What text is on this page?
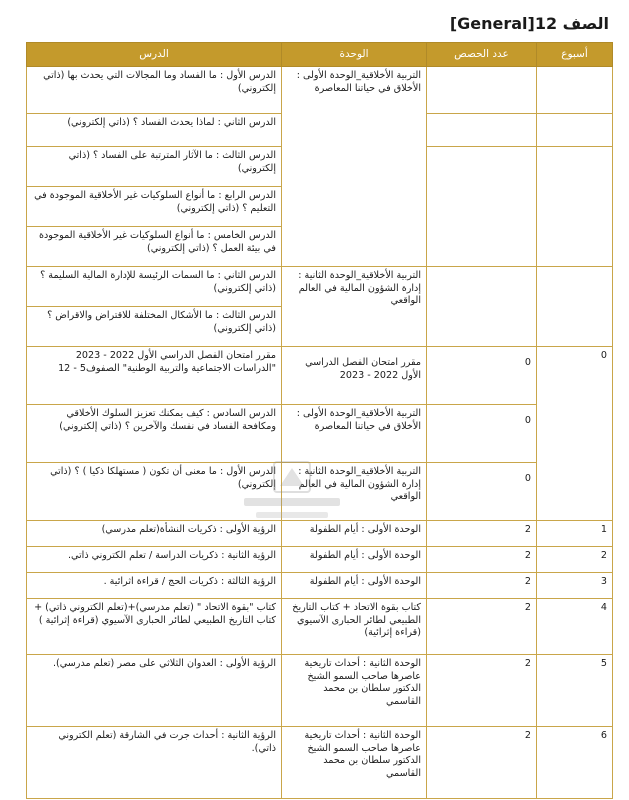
الصف 12[General]
أسبوع	عدد الحصص	الوحدة	الدرس
		التربية الأخلاقية_الوحدة الأولى : الأخلاق في حياتنا المعاصرة	الدرس الأول : ما الفساد وما المجالات التي يحدث بها (ذاتي إلكتروني)
			الدرس الثاني : لماذا يحدث الفساد ؟ (ذاتي إلكتروني)
			الدرس الثالث : ما الآثار المترتبة على الفساد ؟ (ذاتي إلكتروني)
			الدرس الرابع : ما أنواع السلوكيات غير الأخلاقية الموجودة في التعليم ؟ (ذاتي إلكتروني)
			الدرس الخامس : ما أنواع السلوكيات غير الأخلاقية الموجودة في بيئة العمل ؟ (ذاتي إلكتروني)
		التربية الأخلاقية_الوحدة الثانية : إدارة الشؤون المالية في العالم الواقعي	الدرس الثاني : ما السمات الرئيسة للإدارة المالية السليمة ؟ (ذاتي إلكتروني)
			الدرس الثالث : ما الأشكال المختلفة للاقتراض والاقراض ؟ (ذاتي إلكتروني)
0	0	مقرر امتحان الفصل الدراسي الأول 2022 - 2023	مقرر امتحان الفصل الدراسي الأول 2022 - 2023 "الدراسات الاجتماعية والتربية الوطنية" الصفوف5 - 12
	0	التربية الأخلاقية_الوحدة الأولى : الأخلاق في حياتنا المعاصرة	الدرس السادس : كيف يمكنك تعزيز السلوك الأخلاقي ومكافحة الفساد في نفسك والآخرين ؟ (ذاتي إلكتروني)
	0	التربية الأخلاقية_الوحدة الثانية : إدارة الشؤون المالية في العالم الواقعي	الدرس الأول : ما معنى أن تكون ( مستهلكا ذكيا ) ؟ (ذاتي إلكتروني)
1	2	الوحدة الأولى : أيام الطفولة	الرؤية الأولى : ذكريات النشأة(تعلم مدرسي)
2	2	الوحدة الأولى : أيام الطفولة	الرؤية الثانية : ذكريات الدراسة / تعلم الكتروني ذاتي.
3	2	الوحدة الأولى : أيام الطفولة	الرؤية الثالثة : ذكريات الحج / قراءة اثرائية .
4	2	كتاب بقوة الاتحاد + كتاب التاريخ الطبيعي لطائر الحبارى الآسيوي (قراءة إثرائية)	كتاب "بقوة الاتحاد " (تعلم مدرسي)+(تعلم الكتروني ذاتي) + كتاب التاريخ الطبيعي لطائر الحبارى الآسيوي (قراءة إثرائية )
5	2	الوحدة الثانية : أحداث تاريخية عاصرها صاحب السمو الشيخ الدكتور سلطان بن محمد القاسمي	الرؤية الأولى : العدوان الثلاثي على مصر (تعلم مدرسي).
6	2	الوحدة الثانية : أحداث تاريخية عاصرها صاحب السمو الشيخ الدكتور سلطان بن محمد القاسمي	الرؤية الثانية : أحداث جرت في الشارقة (تعلم الكتروني ذاتي).
